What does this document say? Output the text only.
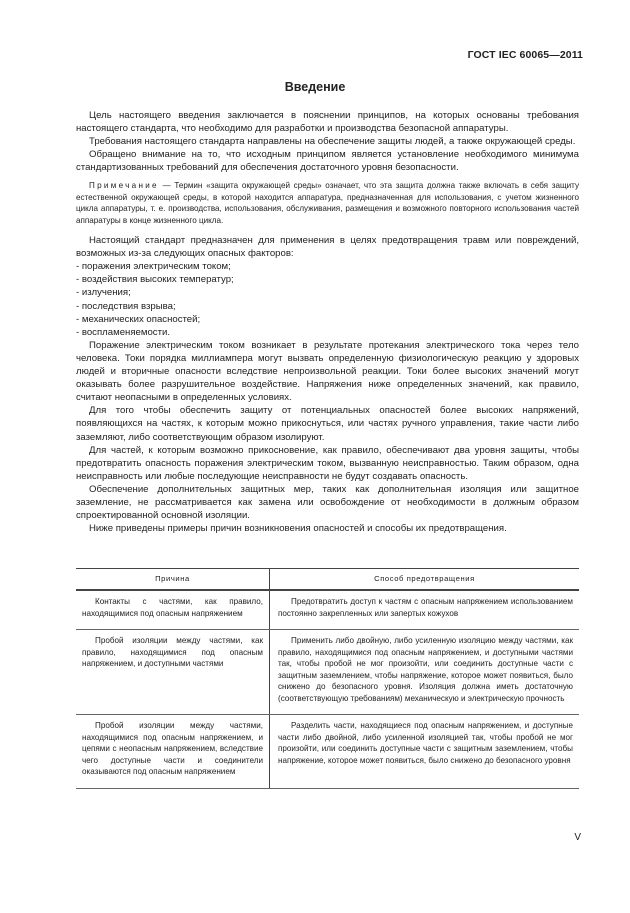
ГОСТ IEC 60065—2011
Введение

Цель настоящего введения заключается в пояснении принципов, на которых основаны требования настоящего стандарта, что необходимо для разработки и производства безопасной аппаратуры.

Требования настоящего стандарта направлены на обеспечение защиты людей, а также окружающей среды.

Обращено внимание на то, что исходным принципом является установление необходимого минимума стандартизованных требований для обеспечения достаточного уровня безопасности.

Примечание — Термин «защита окружающей среды» означает, что эта защита должна также включать в себя защиту естественной окружающей среды, в которой находится аппаратура, предназначенная для использования, с учетом жизненного цикла аппаратуры, т. е. производства, использования, обслуживания, размещения и возможного повторного использования частей аппаратуры в конце жизненного цикла.

Настоящий стандарт предназначен для применения в целях предотвращения травм или повреждений, возможных из-за следующих опасных факторов:

- поражения электрическим током;

- воздействия высоких температур;

- излучения;

- последствия взрыва;

- механических опасностей;

- воспламеняемости.

Поражение электрическим током возникает в результате протекания электрического тока через тело человека. Токи порядка миллиампера могут вызвать определенную физиологическую реакцию у здоровых людей и вторичные опасности вследствие непроизвольной реакции. Токи более высоких значений могут оказывать более разрушительное воздействие. Напряжения ниже определенных значений, как правило, считают неопасными в определенных условиях.

Для того чтобы обеспечить защиту от потенциальных опасностей более высоких напряжений, появляющихся на частях, к которым можно прикоснуться, или частях ручного управления, такие части либо заземляют, либо соответствующим образом изолируют.

Для частей, к которым возможно прикосновение, как правило, обеспечивают два уровня защиты, чтобы предотвратить опасность поражения электрическим током, вызванную неисправностью. Таким образом, одна неисправность или любые последующие неисправности не будут создавать опасность.

Обеспечение дополнительных защитных мер, таких как дополнительная изоляция или защитное заземление, не рассматривается как замена или освобождение от необходимости в должным образом спроектированной основной изоляции.

Ниже приведены примеры причин возникновения опасностей и способы их предотвращения.

Причина	Способ предотвращения
Контакты с частями, как правило, находящимися под опасным напряжением	Предотвратить доступ к частям с опасным напряжением использованием постоянно закрепленных или запертых кожухов
Пробой изоляции между частями, как правило, находящимися под опасным напряжением, и доступными частями	Применить либо двойную, либо усиленную изоляцию между частями, как правило, находящимися под опасным напряжением, и доступными частями так, чтобы пробой не мог произойти, или соединить доступные части с защитным заземлением, чтобы напряжение, которое может появиться, было снижено до безопасного уровня. Изоляция должна иметь достаточную (соответствующую требованиям) механическую и электрическую прочность
Пробой изоляции между частями, находящимися под опасным напряжением, и цепями с неопасным напряжением, вследствие чего доступные части и соединители оказываются под опасным напряжением	Разделить части, находящиеся под опасным напряжением, и доступные части либо двойной, либо усиленной изоляцией так, чтобы пробой не мог произойти, или соединить доступные части с защитным заземлением, чтобы напряжение, которое может появиться, было снижено до безопасного уровня
V
